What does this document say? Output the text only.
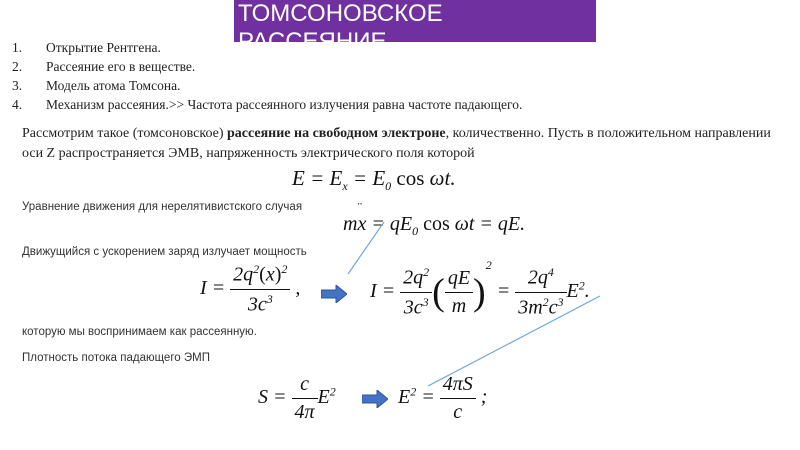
ТОМСОНОВСКОЕ
РАССЕЯНИЕ
1. Открытие Рентгена.
2. Рассеяние его в веществе.
3. Модель атома Томсона.
4. Механизм рассеяния.>> Частота рассеянного излучения равна частоте падающего.
Рассмотрим такое (томсоновское) рассеяние на свободном электроне, количественно. Пусть в положительном направлении оси Z распространяется ЭМВ, напряженность электрического поля которой
$E = E_x = E_0$ cos ωt.
Уравнение движения для нерелятивистского случая
mx
¨
= $qE_0$ cos ωt = qE.
Движущийся с ускорением заряд излучает мощность
$I = \frac{2q^2(x)^2}{3c^3}$ ,	$I = \frac{2q^2}{3c^3}$ ( $\frac{qE}{m} )^2 = \frac{2q^4}{3m^2c^3} E^2$.
которую мы воспринимаем как рассеянную.
Плотность потока падающего ЭМП
$S = \frac{c}{4\pi} E^2$	$E^2 = \frac{4\pi S}{c}$ ;
